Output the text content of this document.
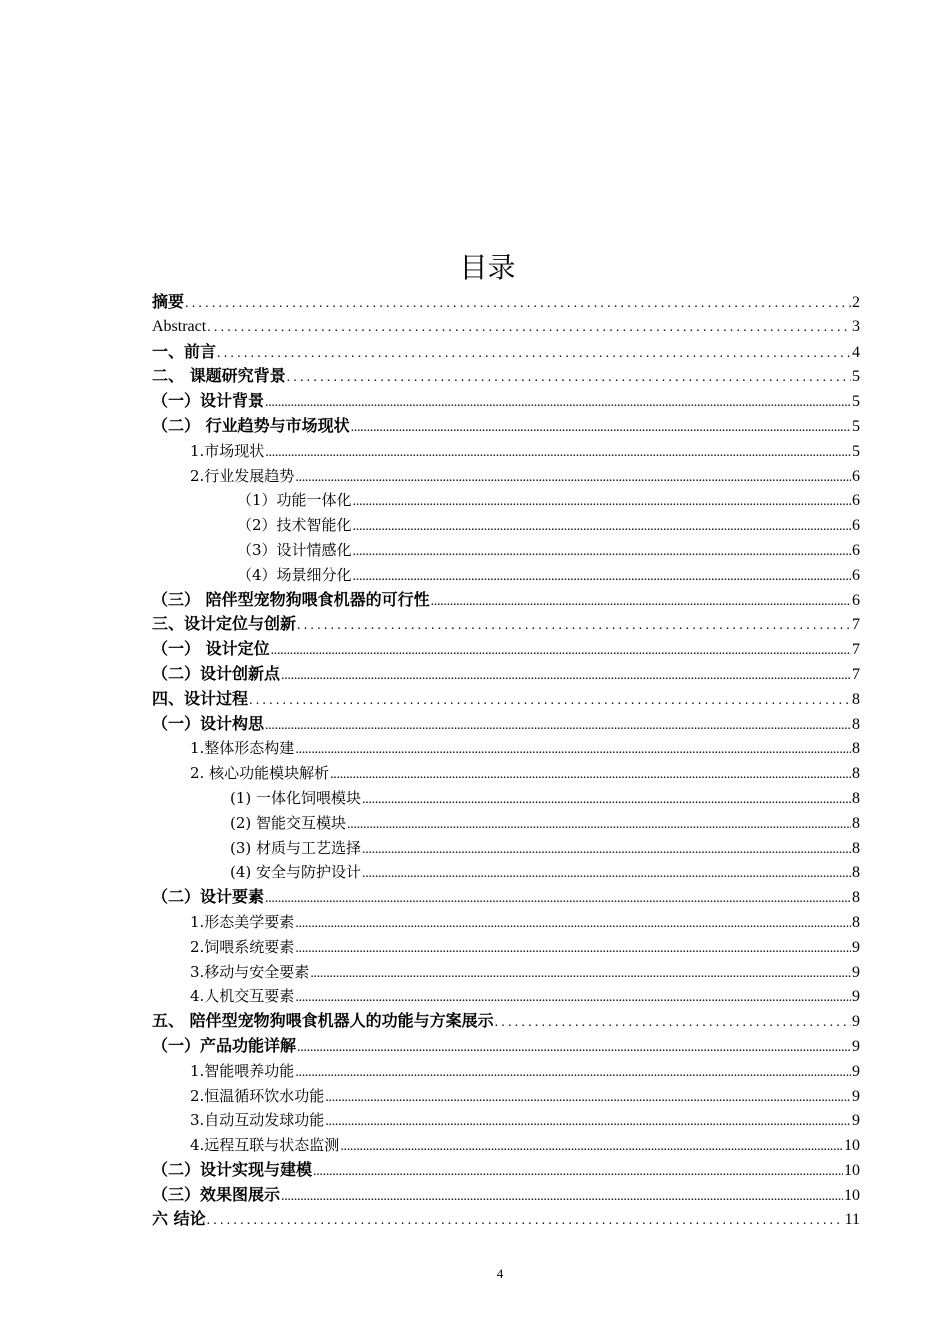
目录
摘要 .....	2
Abstract .....	3
一、前言 .....	4
二、 课题研究背景 .....	5
（一）设计背景 .....	5
（二） 行业趋势与市场现状 .....	5
1.市场现状 .....	5
2.行业发展趋势 .....	6
（1）功能一体化 .....	6
（2）技术智能化 .....	6
（3）设计情感化 .....	6
（4）场景细分化 .....	6
（三） 陪伴型宠物狗喂食机器的可行性 .....	6
三、设计定位与创新 .....	7
（一） 设计定位 .....	7
（二）设计创新点 .....	7
四、设计过程 .....	8
（一）设计构思 .....	8
1.整体形态构建 .....	8
2. 核心功能模块解析 .....	8
(1) 一体化饲喂模块 .....	8
(2) 智能交互模块 .....	8
(3) 材质与工艺选择 .....	8
(4) 安全与防护设计 .....	8
（二）设计要素 .....	8
1.形态美学要素 .....	8
2.饲喂系统要素 .....	9
3.移动与安全要素 .....	9
4.人机交互要素 .....	9
五、 陪伴型宠物狗喂食机器人的功能与方案展示 .....	9
（一）产品功能详解 .....	9
1.智能喂养功能 .....	9
2.恒温循环饮水功能 .....	9
3.自动互动发球功能 .....	9
4.远程互联与状态监测 .....	10
（二）设计实现与建模 .....	10
（三）效果图展示 .....	10
六 结论 .....	11
4
